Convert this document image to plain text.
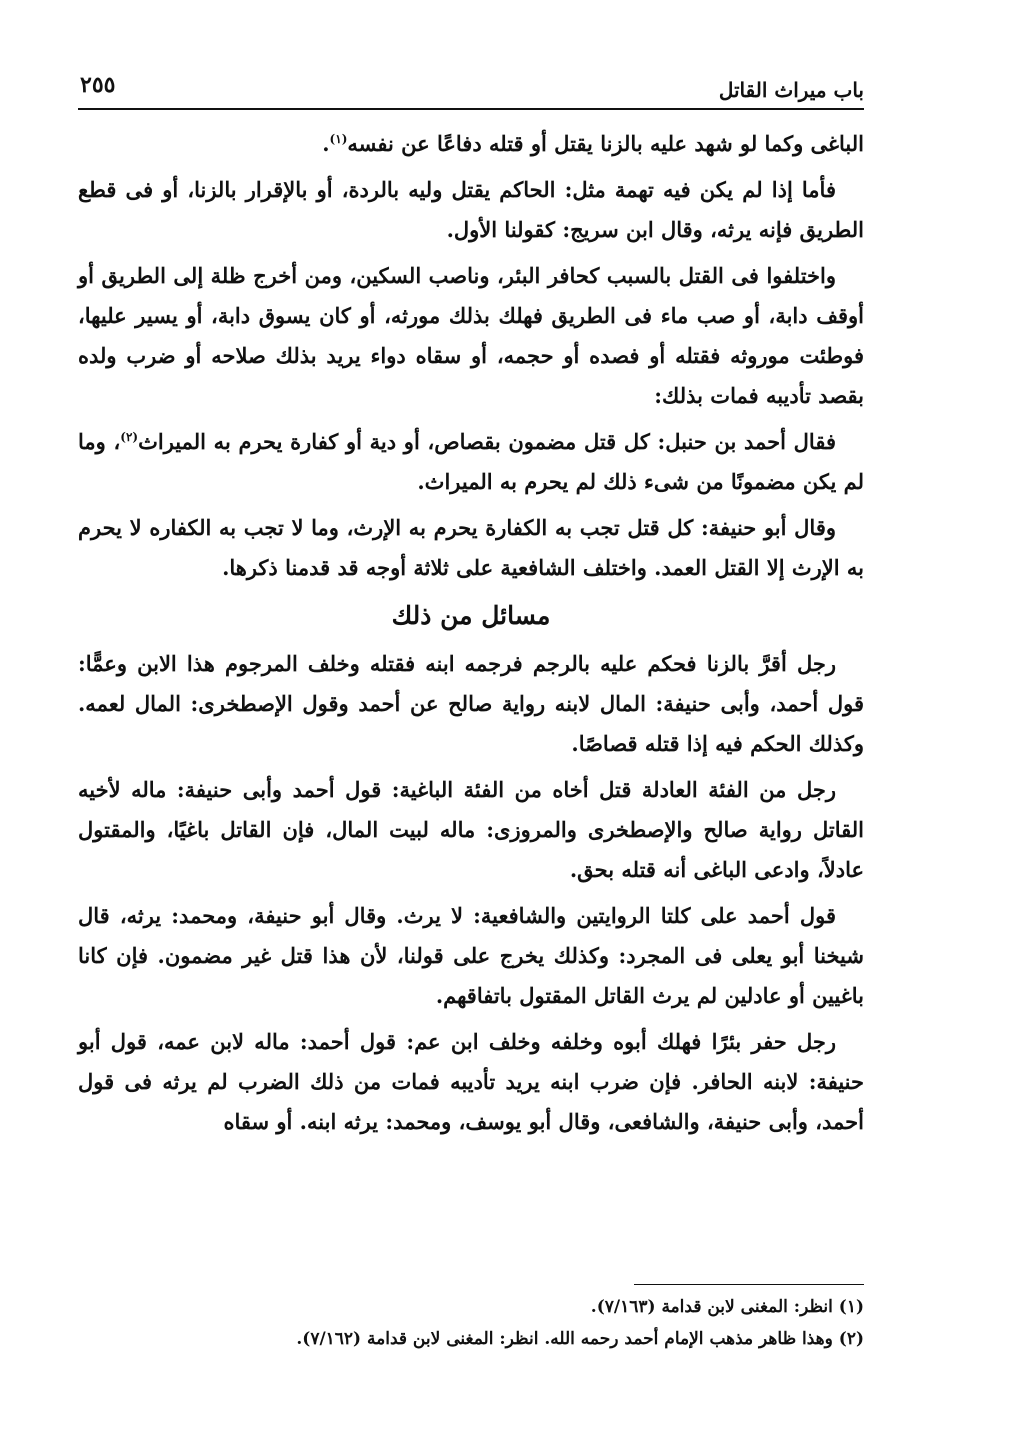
باب ميراث القاتل
٢٥٥

الباغى وكما لو شهد عليه بالزنا يقتل أو قتله دفاعًا عن نفسه$^{(١)}$.

فأما إذا لم يكن فيه تهمة مثل: الحاكم يقتل وليه بالردة، أو بالإقرار بالزنا، أو فى قطع الطريق فإنه يرثه، وقال ابن سريج: كقولنا الأول.

واختلفوا فى القتل بالسبب كحافر البئر، وناصب السكين، ومن أخرج ظلة إلى الطريق أو أوقف دابة، أو صب ماء فى الطريق فهلك بذلك مورثه، أو كان يسوق دابة، أو يسير عليها، فوطئت موروثه فقتله أو فصده أو حجمه، أو سقاه دواء يريد بذلك صلاحه أو ضرب ولده بقصد تأديبه فمات بذلك:

فقال أحمد بن حنبل: كل قتل مضمون بقصاص، أو دية أو كفارة يحرم به الميراث$^{(٢)}$، وما لم يكن مضمونًا من شىء ذلك لم يحرم به الميراث.

وقال أبو حنيفة: كل قتل تجب به الكفارة يحرم به الإرث، وما لا تجب به الكفاره لا يحرم به الإرث إلا القتل العمد. واختلف الشافعية على ثلاثة أوجه قد قدمنا ذكرها.

مسائل من ذلك

رجل أقرَّ بالزنا فحكم عليه بالرجم فرجمه ابنه فقتله وخلف المرجوم هذا الابن وعمًّا: قول أحمد، وأبى حنيفة: المال لابنه رواية صالح عن أحمد وقول الإصطخرى: المال لعمه. وكذلك الحكم فيه إذا قتله قصاصًا.

رجل من الفئة العادلة قتل أخاه من الفئة الباغية: قول أحمد وأبى حنيفة: ماله لأخيه القاتل رواية صالح والإصطخرى والمروزى: ماله لبيت المال، فإن القاتل باغيًا، والمقتول عادلاً، وادعى الباغى أنه قتله بحق.

قول أحمد على كلتا الروايتين والشافعية: لا يرث. وقال أبو حنيفة، ومحمد: يرثه، قال شيخنا أبو يعلى فى المجرد: وكذلك يخرج على قولنا، لأن هذا قتل غير مضمون. فإن كانا باغيين أو عادلين لم يرث القاتل المقتول باتفاقهم.

رجل حفر بئرًا فهلك أبوه وخلفه وخلف ابن عم: قول أحمد: ماله لابن عمه، قول أبو حنيفة: لابنه الحافر. فإن ضرب ابنه يريد تأديبه فمات من ذلك الضرب لم يرثه فى قول أحمد، وأبى حنيفة، والشافعى، وقال أبو يوسف، ومحمد: يرثه ابنه. أو سقاه

(١) انظر: المغنى لابن قدامة (٧/١٦٣).

(٢) وهذا ظاهر مذهب الإمام أحمد رحمه الله. انظر: المغنى لابن قدامة (٧/١٦٢).
